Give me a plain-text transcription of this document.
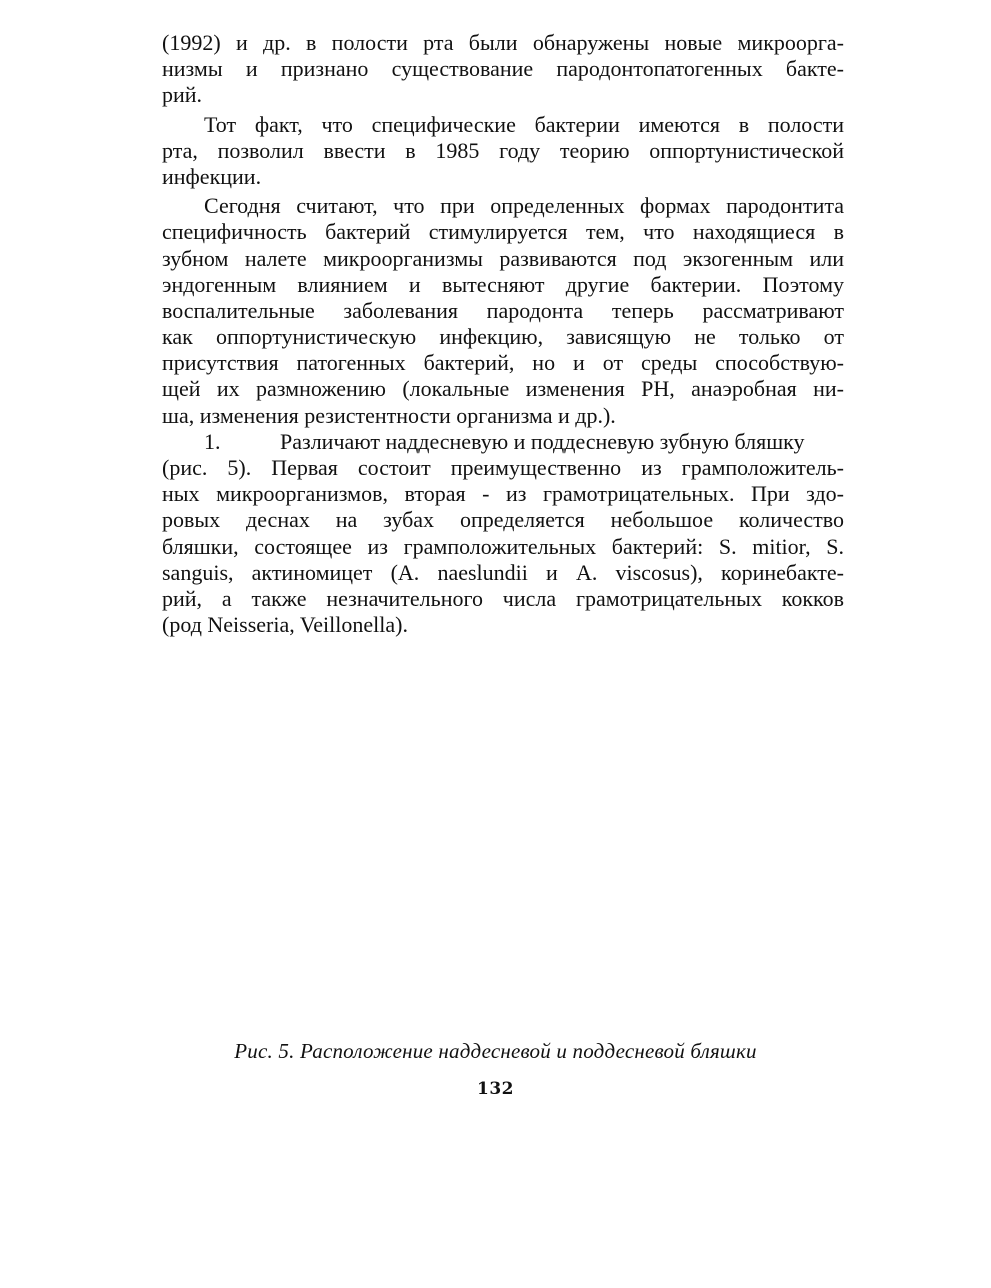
(1992) и др. в полости рта были обнаружены новые микроорга-
низмы и признано существование пародонтопатогенных бакте-
рий.
Тот факт, что специфические бактерии имеются в полости
рта, позволил ввести в 1985 году теорию оппортунистической
инфекции.
Сегодня считают, что при определенных формах пародонтита
специфичность бактерий стимулируется тем, что находящиеся в
зубном налете микроорганизмы развиваются под экзогенным или
эндогенным влиянием и вытесняют другие бактерии. Поэтому
воспалительные заболевания пародонта теперь рассматривают
как оппортунистическую инфекцию, зависящую не только от
присутствия патогенных бактерий, но и от среды способствую-
щей их размножению (локальные изменения PH, анаэробная ни-
ша, изменения резистентности организма и др.).
1.	Различают наддесневую и поддесневую зубную бляшку
(рис. 5). Первая состоит преимущественно из грамположитель-
ных микроорганизмов, вторая - из грамотрицательных. При здо-
ровых деснах на зубах определяется небольшое количество
бляшки, состоящее из грамположительных бактерий: S. mitior, S.
sanguis, актиномицет (A. naeslundii и A. viscosus), коринебакте-
рий, а также незначительного числа грамотрицательных кокков
(род Neisseria, Veillonella).
Рис. 5. Расположение наддесневой и поддесневой бляшки
132
